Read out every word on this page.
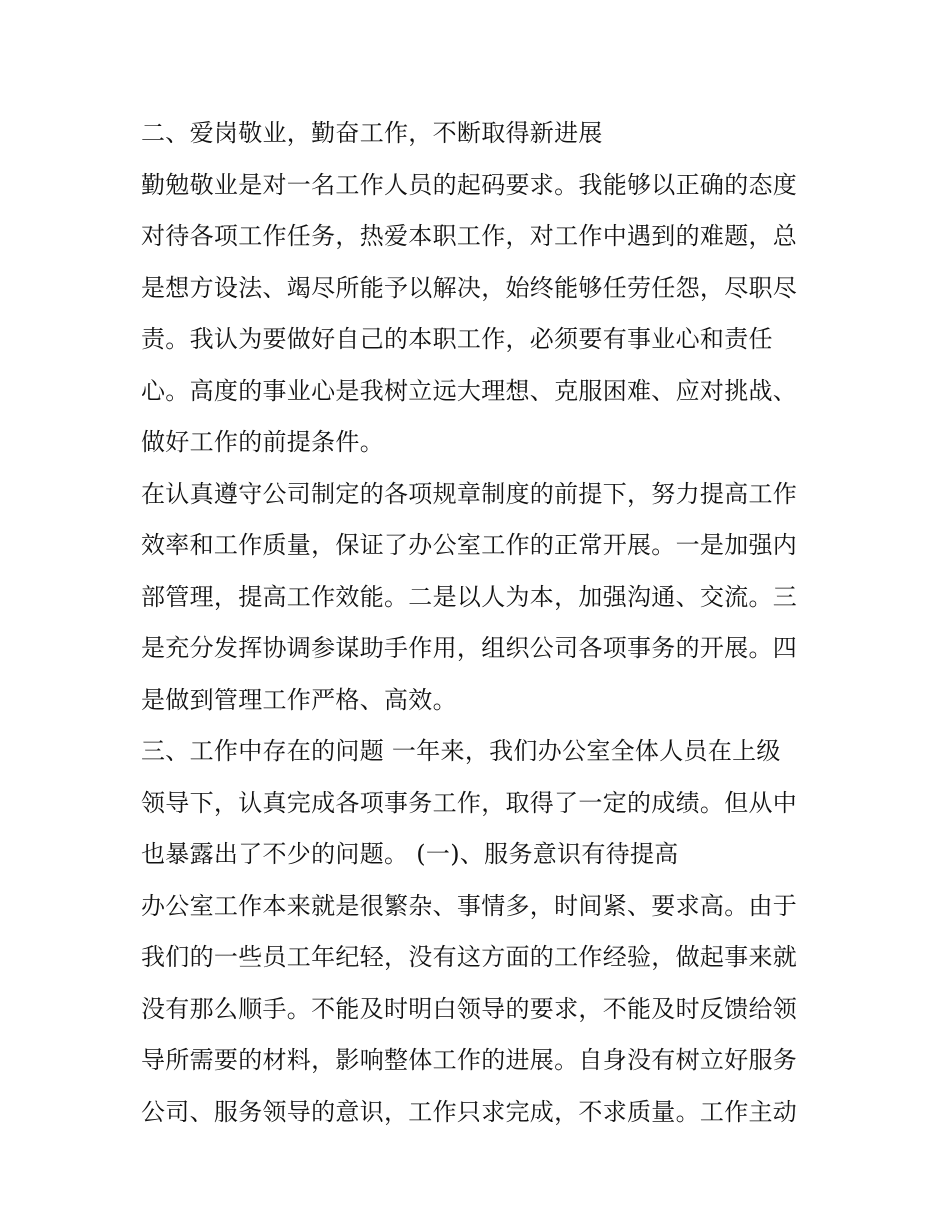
二、爱岗敬业，勤奋工作，不断取得新进展
勤勉敬业是对一名工作人员的起码要求。我能够以正确的态度
对待各项工作任务，热爱本职工作，对工作中遇到的难题，总
是想方设法、竭尽所能予以解决，始终能够任劳任怨，尽职尽
责。我认为要做好自己的本职工作，必须要有事业心和责任
心。高度的事业心是我树立远大理想、克服困难、应对挑战、
做好工作的前提条件。
在认真遵守公司制定的各项规章制度的前提下，努力提高工作
效率和工作质量，保证了办公室工作的正常开展。一是加强内
部管理，提高工作效能。二是以人为本，加强沟通、交流。三
是充分发挥协调参谋助手作用，组织公司各项事务的开展。四
是做到管理工作严格、高效。
三、工作中存在的问题 一年来，我们办公室全体人员在上级
领导下，认真完成各项事务工作，取得了一定的成绩。但从中
也暴露出了不少的问题。 (一)、服务意识有待提高
办公室工作本来就是很繁杂、事情多，时间紧、要求高。由于
我们的一些员工年纪轻，没有这方面的工作经验，做起事来就
没有那么顺手。不能及时明白领导的要求，不能及时反馈给领
导所需要的材料，影响整体工作的进展。自身没有树立好服务
公司、服务领导的意识，工作只求完成，不求质量。工作主动
